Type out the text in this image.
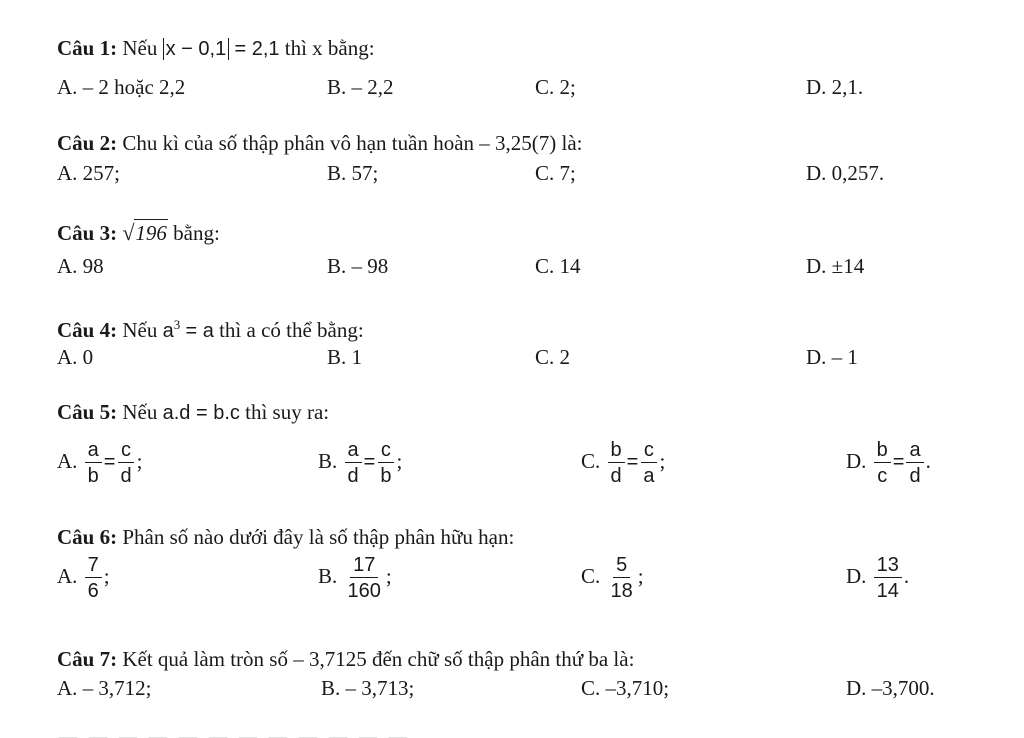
Câu 1: Nếu x − 0,1 = 2,1 thì x bằng:
A. – 2 hoặc 2,2	B. – 2,2	C. 2;	D. 2,1.
Câu 2: Chu kì của số thập phân vô hạn tuần hoàn – 3,25(7) là:
A. 257;	B. 57;	C. 7;	D. 0,257.
Câu 3: √196 bằng:
A. 98	B. – 98	C. 14	D. ±14
Câu 4: Nếu $a^3 = a$ thì a có thể bằng:
A. 0	B. 1	C. 2	D. – 1
Câu 5: Nếu a.d = b.c thì suy ra:
A. $\frac{a}{b} = \frac{c}{d}$ ;	B. $\frac{a}{d} = \frac{c}{b}$ ;	C. $\frac{b}{d} = \frac{c}{a}$ ;	D. $\frac{b}{c} = \frac{a}{d}$ .
Câu 6: Phân số nào dưới đây là số thập phân hữu hạn:
A. $\frac{7}{6}$ ;	B. $\frac{17}{160}$ ;	C. $\frac{5}{18}$ ;	D. $\frac{13}{14}$ .
Câu 7: Kết quả làm tròn số – 3,7125 đến chữ số thập phân thứ ba là:
A. – 3,712;	B. – 3,713;	C. –3,710;	D. –3,700.
